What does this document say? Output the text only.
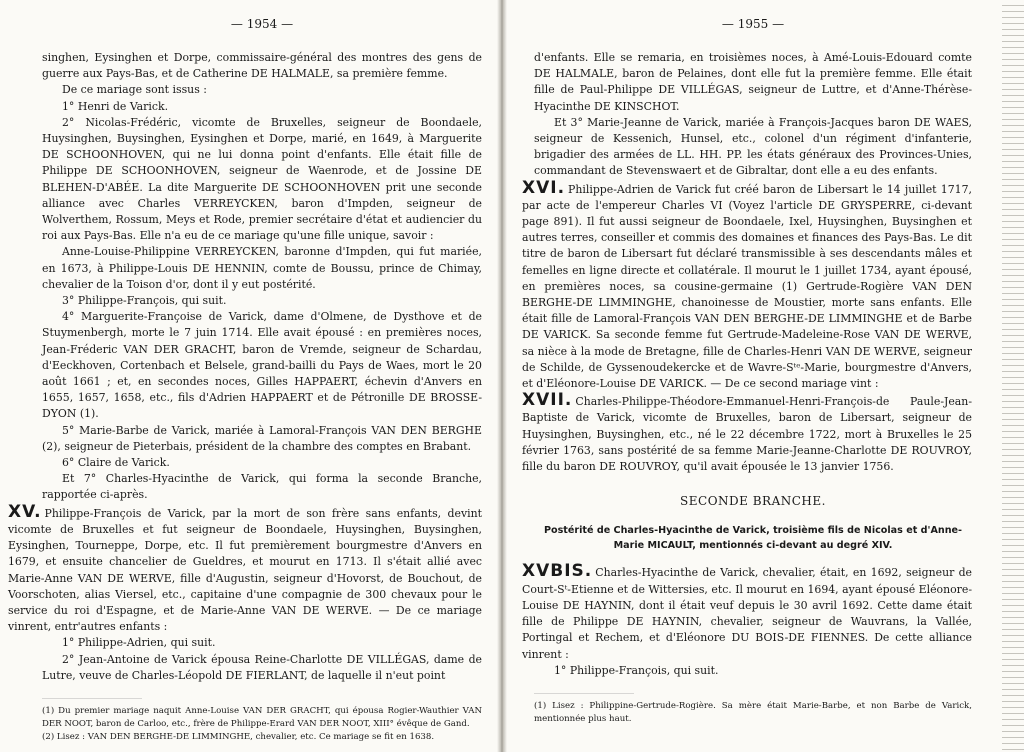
— 1954 —

singhen, Eysinghen et Dorpe, commissaire-général des montres des gens de guerre aux Pays-Bas, et de Catherine DE HALMALE, sa première femme.

De ce mariage sont issus :

1° Henri de Varick.

2° Nicolas-Frédéric, vicomte de Bruxelles, seigneur de Boondaele, Huysinghen, Buysinghen, Eysinghen et Dorpe, marié, en 1649, à Marguerite DE SCHOONHOVEN, qui ne lui donna point d'enfants. Elle était fille de Philippe DE SCHOONHOVEN, seigneur de Waenrode, et de Jossine DE BLEHEN-D'ABÉE. La dite Marguerite DE SCHOONHOVEN prit une seconde alliance avec Charles VERREYCKEN, baron d'Impden, seigneur de Wolverthem, Rossum, Meys et Rode, premier secrétaire d'état et audiencier du roi aux Pays-Bas. Elle n'a eu de ce mariage qu'une fille unique, savoir :

Anne-Louise-Philippine VERREYCKEN, baronne d'Impden, qui fut mariée, en 1673, à Philippe-Louis DE HENNIN, comte de Boussu, prince de Chimay, chevalier de la Toison d'or, dont il y eut postérité.

3° Philippe-François, qui suit.

4° Marguerite-Françoise de Varick, dame d'Olmene, de Dysthove et de Stuymenbergh, morte le 7 juin 1714. Elle avait épousé : en premières noces, Jean-Fréderic VAN DER GRACHT, baron de Vremde, seigneur de Schardau, d'Eeckhoven, Cortenbach et Belsele, grand-bailli du Pays de Waes, mort le 20 août 1661 ; et, en secondes noces, Gilles HAPPAERT, échevin d'Anvers en 1655, 1657, 1658, etc., fils d'Adrien HAPPAERT et de Pétronille DE BROSSE-DYON (1).

5° Marie-Barbe de Varick, mariée à Lamoral-François VAN DEN BERGHE (2), seigneur de Pieterbais, président de la chambre des comptes en Brabant.

6° Claire de Varick.

Et 7° Charles-Hyacinthe de Varick, qui forma la seconde Branche, rapportée ci-après.

XV. Philippe-François de Varick, par la mort de son frère sans enfants, devint vicomte de Bruxelles et fut seigneur de Boondaele, Huysinghen, Buysinghen, Eysinghen, Tourneppe, Dorpe, etc. Il fut premièrement bourgmestre d'Anvers en 1679, et ensuite chancelier de Gueldres, et mourut en 1713. Il s'était allié avec Marie-Anne VAN DE WERVE, fille d'Augustin, seigneur d'Hovorst, de Bouchout, de Voorschoten, alias Viersel, etc., capitaine d'une compagnie de 300 chevaux pour le service du roi d'Espagne, et de Marie-Anne VAN DE WERVE. — De ce mariage vinrent, entr'autres enfants :

1° Philippe-Adrien, qui suit.

2° Jean-Antoine de Varick épousa Reine-Charlotte DE VILLÉGAS, dame de Lutre, veuve de Charles-Léopold DE FIERLANT, de laquelle il n'eut point

(1) Du premier mariage naquit Anne-Louise VAN DER GRACHT, qui épousa Rogier-Wauthier VAN DER NOOT, baron de Carloo, etc., frère de Philippe-Erard VAN DER NOOT, XIII° évêque de Gand.

(2) Lisez : VAN DEN BERGHE-DE LIMMINGHE, chevalier, etc. Ce mariage se fit en 1638.

— 1955 —

d'enfants. Elle se remaria, en troisièmes noces, à Amé-Louis-Edouard comte DE HALMALE, baron de Pelaines, dont elle fut la première femme. Elle était fille de Paul-Philippe DE VILLÉGAS, seigneur de Luttre, et d'Anne-Thérèse-Hyacinthe DE KINSCHOT.

Et 3° Marie-Jeanne de Varick, mariée à François-Jacques baron DE WAES, seigneur de Kessenich, Hunsel, etc., colonel d'un régiment d'infanterie, brigadier des armées de LL. HH. PP. les états généraux des Provinces-Unies, commandant de Stevenswaert et de Gibraltar, dont elle a eu des enfants.

XVI. Philippe-Adrien de Varick fut créé baron de Libersart le 14 juillet 1717, par acte de l'empereur Charles VI (Voyez l'article DE GRYSPERRE, ci-devant page 891). Il fut aussi seigneur de Boondaele, Ixel, Huysinghen, Buysinghen et autres terres, conseiller et commis des domaines et finances des Pays-Bas. Le dit titre de baron de Libersart fut déclaré transmissible à ses descendants mâles et femelles en ligne directe et collatérale. Il mourut le 1 juillet 1734, ayant épousé, en premières noces, sa cousine-germaine (1) Gertrude-Rogière VAN DEN BERGHE-DE LIMMINGHE, chanoinesse de Moustier, morte sans enfants. Elle était fille de Lamoral-François VAN DEN BERGHE-DE LIMMINGHE et de Barbe DE VARICK. Sa seconde femme fut Gertrude-Madeleine-Rose VAN DE WERVE, sa nièce à la mode de Bretagne, fille de Charles-Henri VAN DE WERVE, seigneur de Schilde, de Gyssenoudekercke et de Wavre-Sᵗᵉ-Marie, bourgmestre d'Anvers, et d'Eléonore-Louise DE VARICK. — De ce second mariage vint :

XVII. Charles-Philippe-Théodore-Emmanuel-Henri-François-de Paule-Jean-Baptiste de Varick, vicomte de Bruxelles, baron de Libersart, seigneur de Huysinghen, Buysinghen, etc., né le 22 décembre 1722, mort à Bruxelles le 25 février 1763, sans postérité de sa femme Marie-Jeanne-Charlotte DE ROUVROY, fille du baron DE ROUVROY, qu'il avait épousée le 13 janvier 1756.

SECONDE BRANCHE.
Postérité de Charles-Hyacinthe de Varick, troisième fils de Nicolas et d'Anne-Marie MICAULT, mentionnés ci-devant au degré XIV.

XVBIS. Charles-Hyacinthe de Varick, chevalier, était, en 1692, seigneur de Court-Sᵗ-Etienne et de Wittersies, etc. Il mourut en 1694, ayant épousé Eléonore-Louise DE HAYNIN, dont il était veuf depuis le 30 avril 1692. Cette dame était fille de Philippe DE HAYNIN, chevalier, seigneur de Wauvrans, la Vallée, Portingal et Rechem, et d'Eléonore DU BOIS-DE FIENNES. De cette alliance vinrent :

1° Philippe-François, qui suit.

(1) Lisez : Philippine-Gertrude-Rogière. Sa mère était Marie-Barbe, et non Barbe de Varick, mentionnée plus haut.
